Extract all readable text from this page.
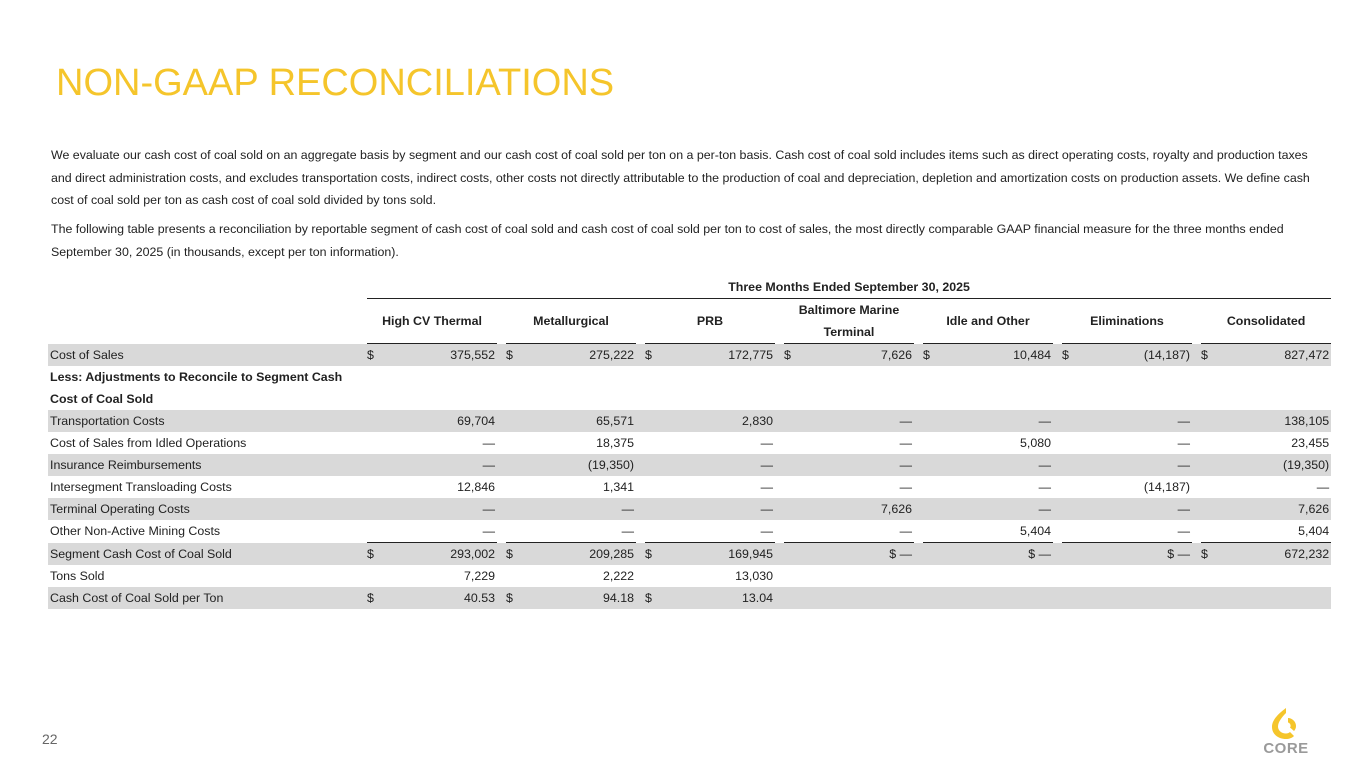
NON-GAAP RECONCILIATIONS

We evaluate our cash cost of coal sold on an aggregate basis by segment and our cash cost of coal sold per ton on a per-ton basis. Cash cost of coal sold includes items such as direct operating costs, royalty and production taxes and direct administration costs, and excludes transportation costs, indirect costs, other costs not directly attributable to the production of coal and depreciation, depletion and amortization costs on production assets. We define cash cost of coal sold per ton as cash cost of coal sold divided by tons sold.

The following table presents a reconciliation by reportable segment of cash cost of coal sold and cash cost of coal sold per ton to cost of sales, the most directly comparable GAAP financial measure for the three months ended September 30, 2025 (in thousands, except per ton information).

		Three Months Ended September 30, 2025																			
		High CV Thermal			Metallurgical			PRB			Baltimore Marine Terminal			Idle and Other			Eliminations			Consolidated	
Cost of Sales		$	375,552		$	275,222		$	172,775		$	7,626		$	10,484		$	(14,187)		$	827,472
Less: Adjustments to Reconcile to Segment Cash Cost of Coal Sold																					
Transportation Costs			69,704			65,571			2,830			—			—			—			138,105
Cost of Sales from Idled Operations			—			18,375			—			—			5,080			—			23,455
Insurance Reimbursements			—			(19,350)			—			—			—			—			(19,350)
Intersegment Transloading Costs			12,846			1,341			—			—			—			(14,187)			—
Terminal Operating Costs			—			—			—			7,626			—			—			7,626
Other Non-Active Mining Costs			—			—			—			—			5,404			—			5,404
Segment Cash Cost of Coal Sold		$	293,002		$	209,285		$	169,945			$ —			$ —			$ —		$	672,232
Tons Sold			7,229			2,222			13,030												
Cash Cost of Coal Sold per Ton		$	40.53		$	94.18		$	13.04												
22
CORE
